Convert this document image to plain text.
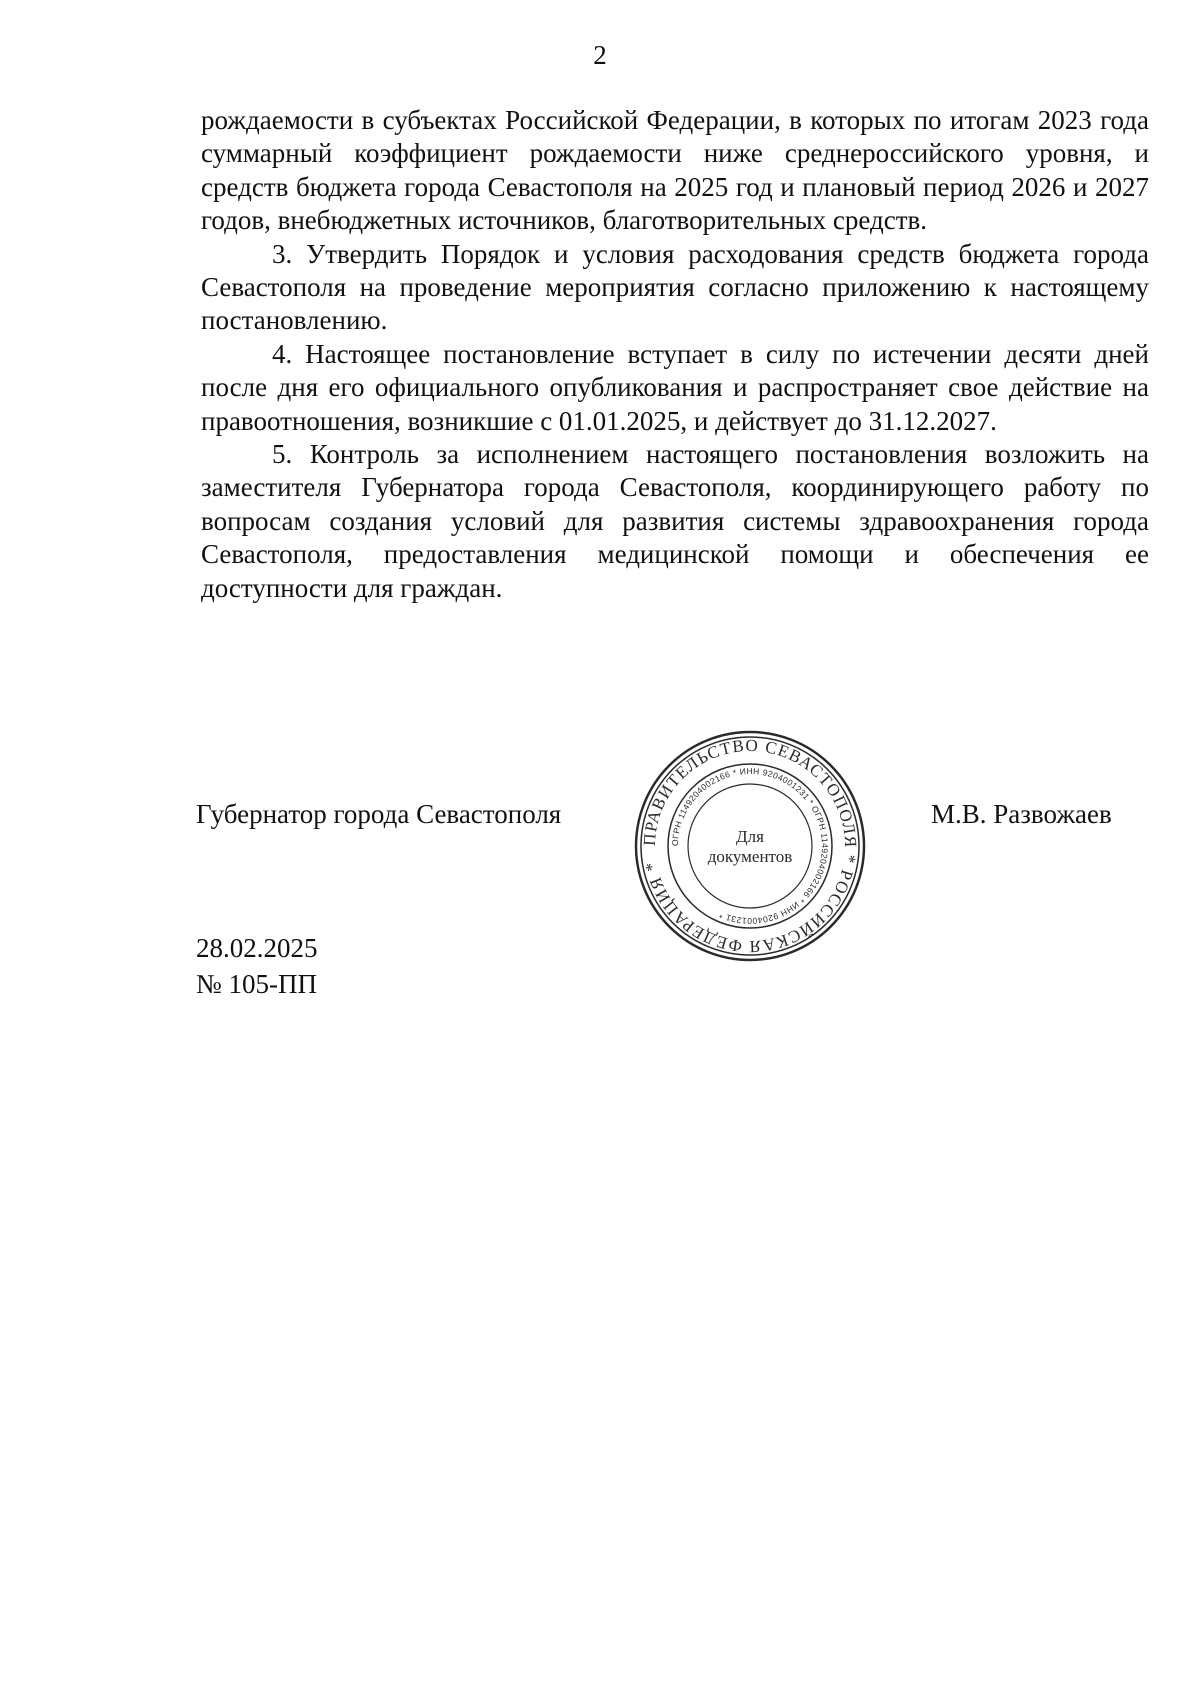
2

рождаемости в субъектах Российской Федерации, в которых по итогам 2023 года суммарный коэффициент рождаемости ниже среднероссийского уровня, и средств бюджета города Севастополя на 2025 год и плановый период 2026 и 2027 годов, внебюджетных источников, благотворительных средств.

3. Утвердить Порядок и условия расходования средств бюджета города Севастополя на проведение мероприятия согласно приложению к настоящему постановлению.

4. Настоящее постановление вступает в силу по истечении десяти дней после дня его официального опубликования и распространяет свое действие на правоотношения, возникшие с 01.01.2025, и действует до 31.12.2027.

5. Контроль за исполнением настоящего постановления возложить на заместителя Губернатора города Севастополя, координирующего работу по вопросам создания условий для развития системы здравоохранения города Севастополя, предоставления медицинской помощи и обеспечения ее доступности для граждан.

Губернатор города Севастополя	М.В. Развожаев
ПРАВИТЕЛЬСТВО СЕВАСТОПОЛЯ * РОССИЙСКАЯ ФЕДЕРАЦИЯ *
ОГРН 1149204002166 * ИНН 9204001231 * ОГРН 1149204002166 * ИНН 9204001231 *
Для
документов
28.02.2025
№ 105-ПП
